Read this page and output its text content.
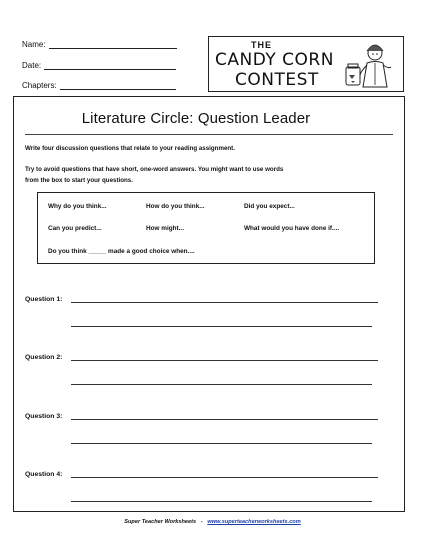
Name:
Date:
Chapters:
THE
CANDY CORN
CONTEST
Literature Circle: Question Leader
Write four discussion questions that relate to your reading assignment.
Try to avoid questions that have short, one-word answers. You might want to use words
from the box to start your questions.
Why do you think...	How do you think...	Did you expect...
Can you predict...	How might...	What would you have done if....
Do you think _____ made a good choice when....
Question 1:
Question 2:
Question 3:
Question 4:
Super Teacher Worksheets - www.superteacherworksheets.com
